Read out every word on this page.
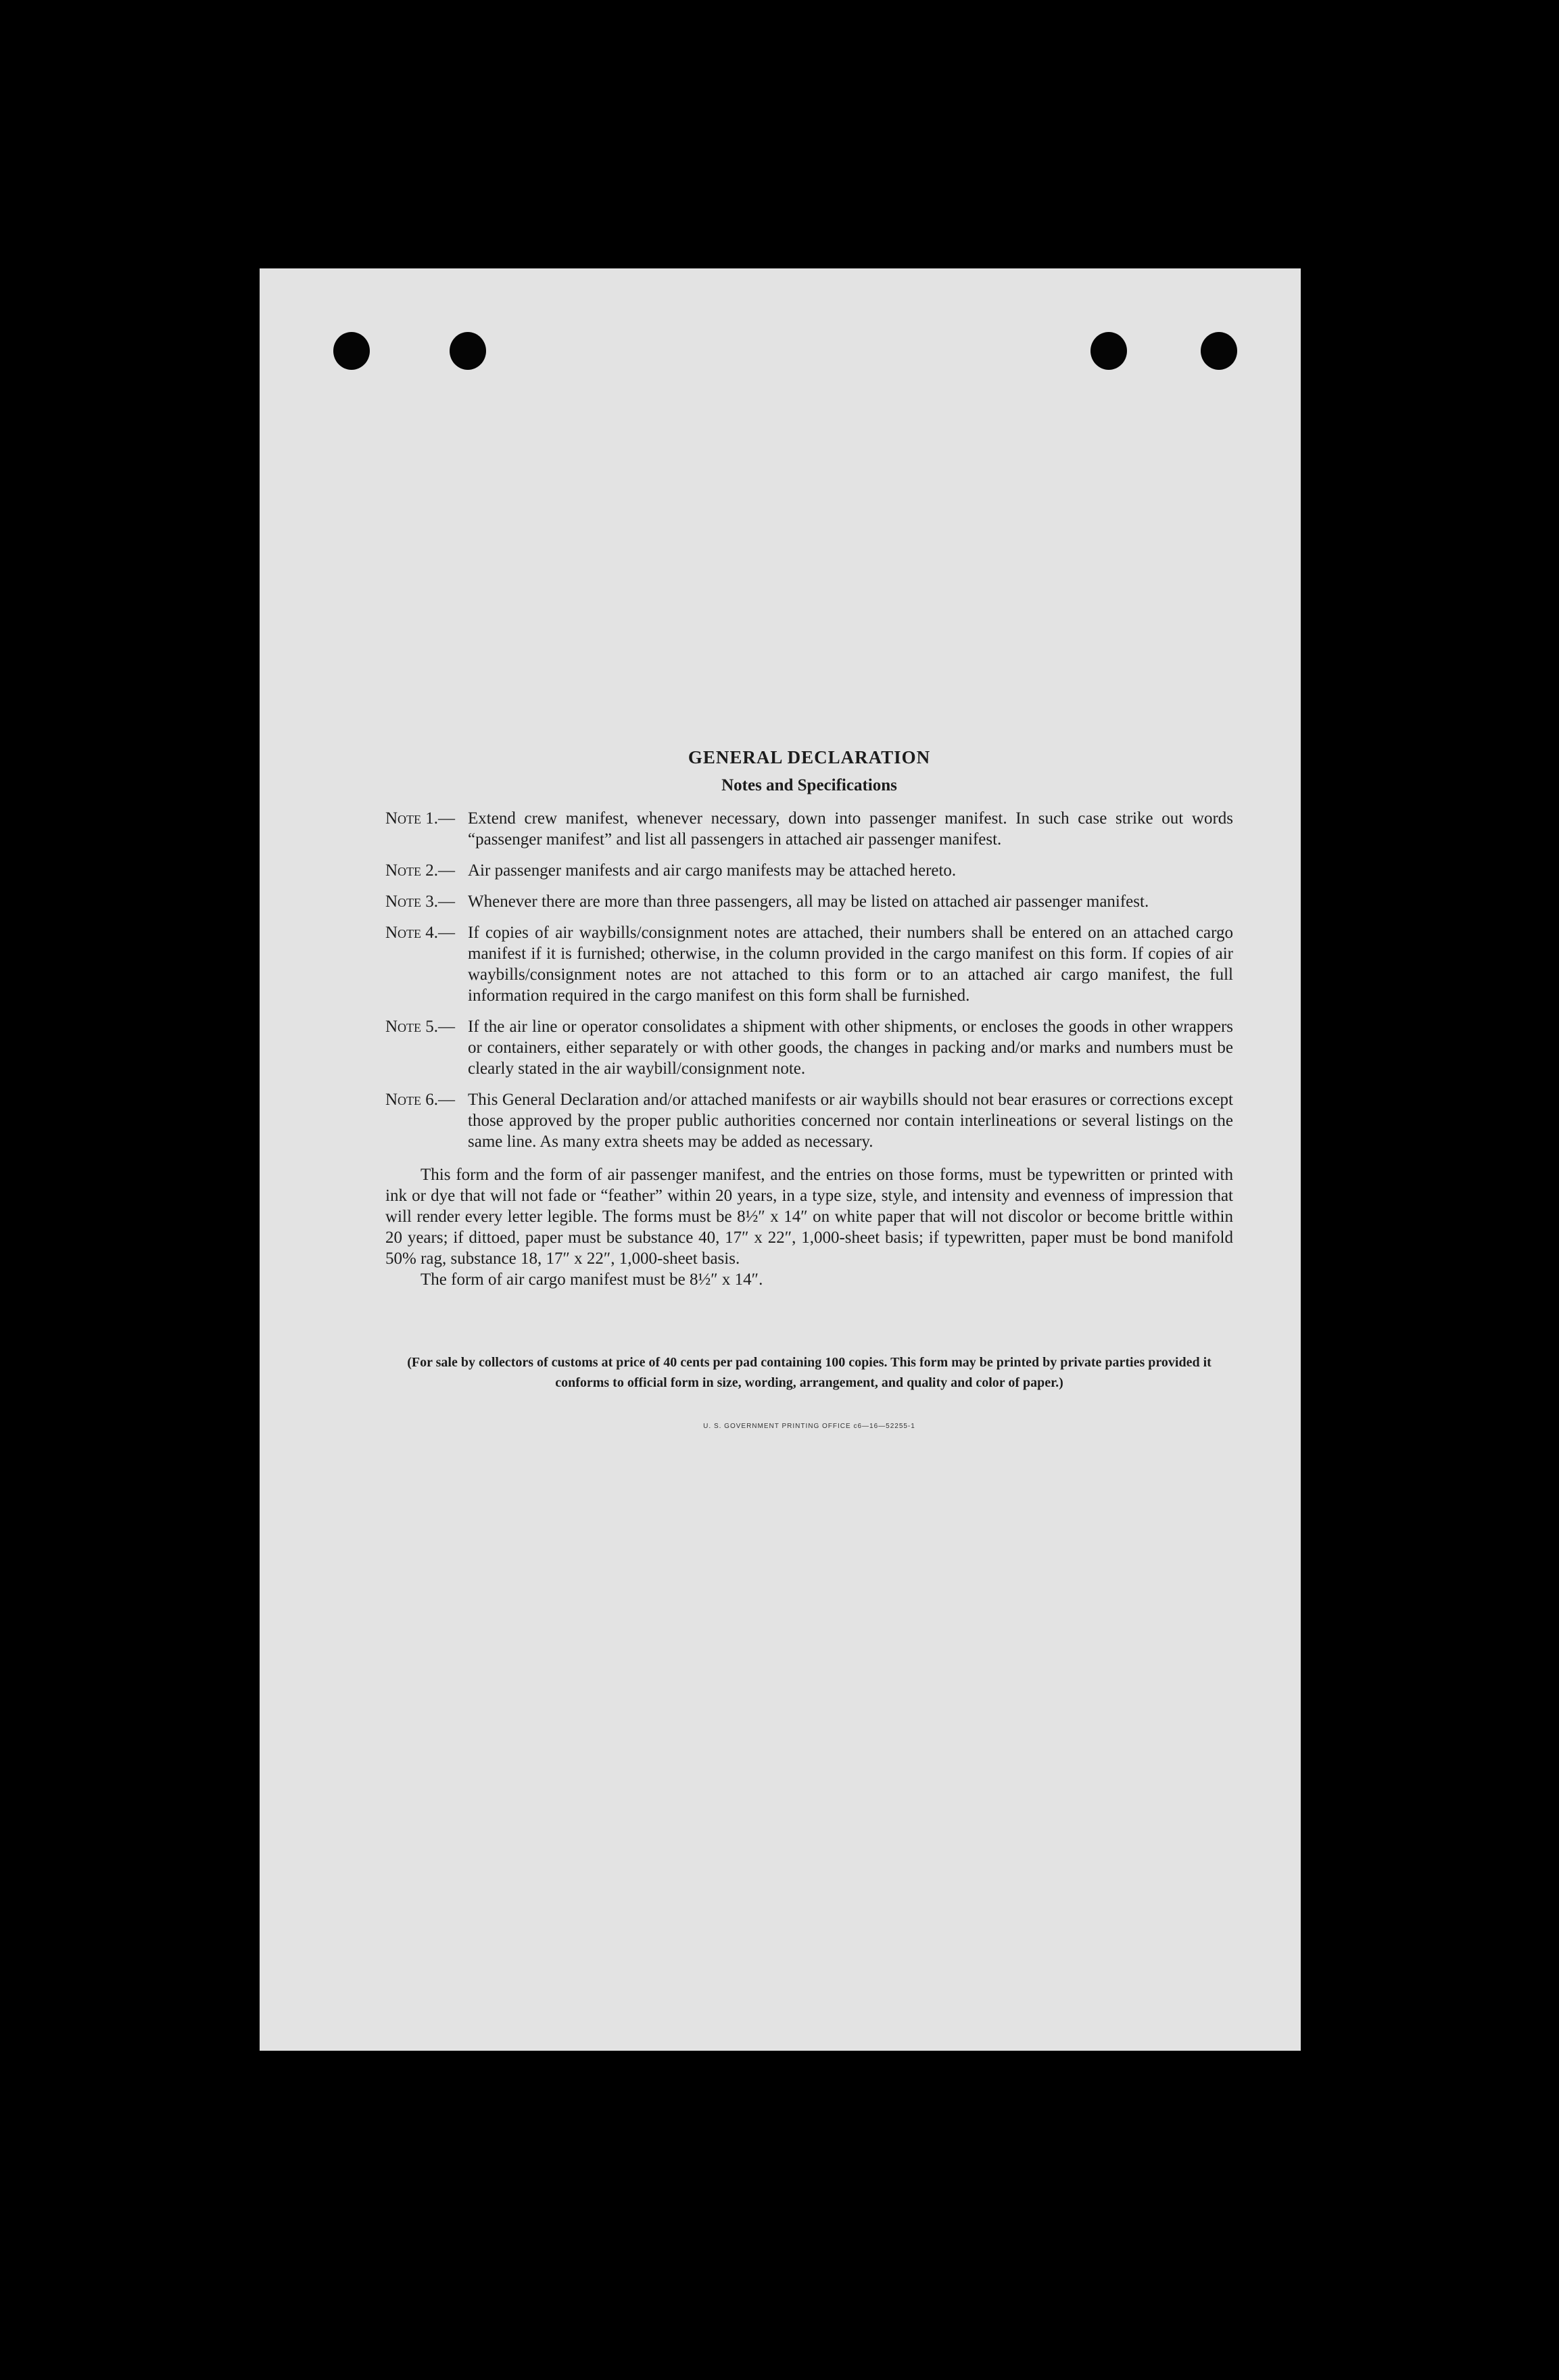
GENERAL DECLARATION
Notes and Specifications
Note 1.— Extend crew manifest, whenever necessary, down into passenger manifest. In such case strike out words “passenger manifest” and list all passengers in attached air passenger manifest.
Note 2.— Air passenger manifests and air cargo manifests may be attached hereto.
Note 3.— Whenever there are more than three passengers, all may be listed on attached air passenger manifest.
Note 4.— If copies of air waybills/consignment notes are attached, their numbers shall be entered on an attached cargo manifest if it is furnished; otherwise, in the column provided in the cargo manifest on this form. If copies of air waybills/consignment notes are not attached to this form or to an attached air cargo manifest, the full information required in the cargo manifest on this form shall be furnished.
Note 5.— If the air line or operator consolidates a shipment with other shipments, or encloses the goods in other wrappers or containers, either separately or with other goods, the changes in packing and/or marks and numbers must be clearly stated in the air waybill/consignment note.
Note 6.— This General Declaration and/or attached manifests or air waybills should not bear erasures or corrections except those approved by the proper public authorities concerned nor contain interlineations or several listings on the same line. As many extra sheets may be added as necessary.

This form and the form of air passenger manifest, and the entries on those forms, must be typewritten or printed with ink or dye that will not fade or “feather” within 20 years, in a type size, style, and intensity and evenness of impression that will render every letter legible. The forms must be 8½″ x 14″ on white paper that will not discolor or become brittle within 20 years; if dittoed, paper must be substance 40, 17″ x 22″, 1,000-sheet basis; if typewritten, paper must be bond manifold 50% rag, substance 18, 17″ x 22″, 1,000-sheet basis.

The form of air cargo manifest must be 8½″ x 14″.

(For sale by collectors of customs at price of 40 cents per pad containing 100 copies. This form may be printed by private parties provided it conforms to official form in size, wording, arrangement, and quality and color of paper.)

U. S. GOVERNMENT PRINTING OFFICE c6—16—52255-1
